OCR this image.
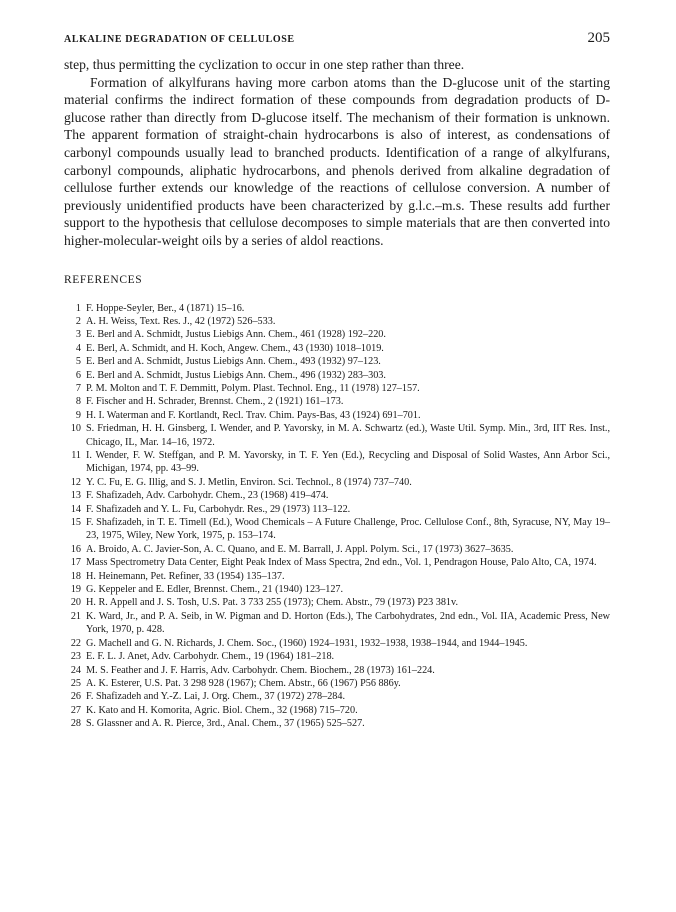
ALKALINE DEGRADATION OF CELLULOSE	205

step, thus permitting the cyclization to occur in one step rather than three.

Formation of alkylfurans having more carbon atoms than the D-glucose unit of the starting material confirms the indirect formation of these compounds from degradation products of D-glucose rather than directly from D-glucose itself. The mechanism of their formation is unknown. The apparent formation of straight-chain hydrocarbons is also of interest, as condensations of carbonyl compounds usually lead to branched products. Identification of a range of alkylfurans, carbonyl compounds, aliphatic hydrocarbons, and phenols derived from alkaline degradation of cellulose further extends our knowledge of the reactions of cellulose conversion. A number of previously unidentified products have been characterized by g.l.c.–m.s. These results add further support to the hypothesis that cellulose decomposes to simple materials that are then converted into higher-molecular-weight oils by a series of aldol reactions.

REFERENCES
1 F. Hoppe-Seyler, Ber., 4 (1871) 15–16.
2 A. H. Weiss, Text. Res. J., 42 (1972) 526–533.
3 E. Berl and A. Schmidt, Justus Liebigs Ann. Chem., 461 (1928) 192–220.
4 E. Berl, A. Schmidt, and H. Koch, Angew. Chem., 43 (1930) 1018–1019.
5 E. Berl and A. Schmidt, Justus Liebigs Ann. Chem., 493 (1932) 97–123.
6 E. Berl and A. Schmidt, Justus Liebigs Ann. Chem., 496 (1932) 283–303.
7 P. M. Molton and T. F. Demmitt, Polym. Plast. Technol. Eng., 11 (1978) 127–157.
8 F. Fischer and H. Schrader, Brennst. Chem., 2 (1921) 161–173.
9 H. I. Waterman and F. Kortlandt, Recl. Trav. Chim. Pays-Bas, 43 (1924) 691–701.
10 S. Friedman, H. H. Ginsberg, I. Wender, and P. Yavorsky, in M. A. Schwartz (ed.), Waste Util. Symp. Min., 3rd, IIT Res. Inst., Chicago, IL, Mar. 14–16, 1972.
11 I. Wender, F. W. Steffgan, and P. M. Yavorsky, in T. F. Yen (Ed.), Recycling and Disposal of Solid Wastes, Ann Arbor Sci., Michigan, 1974, pp. 43–99.
12 Y. C. Fu, E. G. Illig, and S. J. Metlin, Environ. Sci. Technol., 8 (1974) 737–740.
13 F. Shafizadeh, Adv. Carbohydr. Chem., 23 (1968) 419–474.
14 F. Shafizadeh and Y. L. Fu, Carbohydr. Res., 29 (1973) 113–122.
15 F. Shafizadeh, in T. E. Timell (Ed.), Wood Chemicals – A Future Challenge, Proc. Cellulose Conf., 8th, Syracuse, NY, May 19–23, 1975, Wiley, New York, 1975, p. 153–174.
16 A. Broido, A. C. Javier-Son, A. C. Quano, and E. M. Barrall, J. Appl. Polym. Sci., 17 (1973) 3627–3635.
17 Mass Spectrometry Data Center, Eight Peak Index of Mass Spectra, 2nd edn., Vol. 1, Pendragon House, Palo Alto, CA, 1974.
18 H. Heinemann, Pet. Refiner, 33 (1954) 135–137.
19 G. Keppeler and E. Edler, Brennst. Chem., 21 (1940) 123–127.
20 H. R. Appell and J. S. Tosh, U.S. Pat. 3 733 255 (1973); Chem. Abstr., 79 (1973) P23 381v.
21 K. Ward, Jr., and P. A. Seib, in W. Pigman and D. Horton (Eds.), The Carbohydrates, 2nd edn., Vol. IIA, Academic Press, New York, 1970, p. 428.
22 G. Machell and G. N. Richards, J. Chem. Soc., (1960) 1924–1931, 1932–1938, 1938–1944, and 1944–1945.
23 E. F. L. J. Anet, Adv. Carbohydr. Chem., 19 (1964) 181–218.
24 M. S. Feather and J. F. Harris, Adv. Carbohydr. Chem. Biochem., 28 (1973) 161–224.
25 A. K. Esterer, U.S. Pat. 3 298 928 (1967); Chem. Abstr., 66 (1967) P56 886y.
26 F. Shafizadeh and Y.-Z. Lai, J. Org. Chem., 37 (1972) 278–284.
27 K. Kato and H. Komorita, Agric. Biol. Chem., 32 (1968) 715–720.
28 S. Glassner and A. R. Pierce, 3rd., Anal. Chem., 37 (1965) 525–527.
